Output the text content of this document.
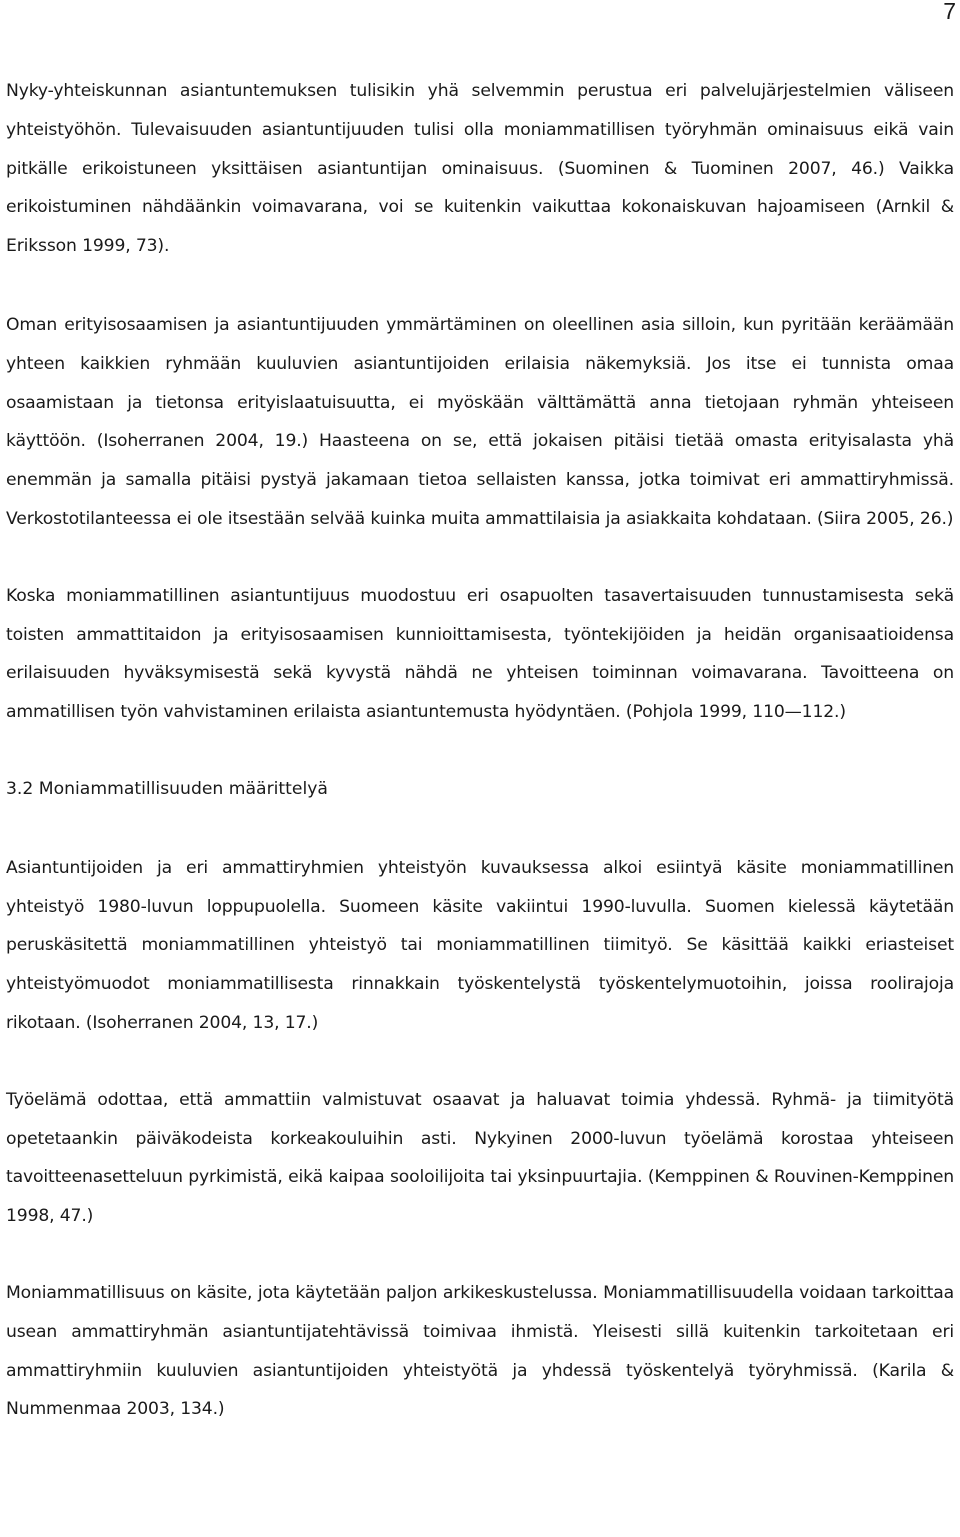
7

Nyky-yhteiskunnan asiantuntemuksen tulisikin yhä selvemmin perustua eri palvelujärjestelmien väliseen yhteistyöhön. Tulevaisuuden asiantuntijuuden tulisi olla moniammatillisen työryhmän ominaisuus eikä vain pitkälle erikoistuneen yksittäisen asiantuntijan ominaisuus. (Suominen & Tuominen 2007, 46.) Vaikka erikoistuminen nähdäänkin voimavarana, voi se kuitenkin vaikuttaa kokonaiskuvan hajoamiseen (Arnkil & Eriksson 1999, 73).

Oman erityisosaamisen ja asiantuntijuuden ymmärtäminen on oleellinen asia silloin, kun pyritään keräämään yhteen kaikkien ryhmään kuuluvien asiantuntijoiden erilaisia näkemyksiä. Jos itse ei tunnista omaa osaamistaan ja tietonsa erityislaatuisuutta, ei myöskään välttämättä anna tietojaan ryhmän yhteiseen käyttöön. (Isoherranen 2004, 19.) Haasteena on se, että jokaisen pitäisi tietää omasta erityisalasta yhä enemmän ja samalla pitäisi pystyä jakamaan tietoa sellaisten kanssa, jotka toimivat eri ammattiryhmissä. Verkostotilanteessa ei ole itsestään selvää kuinka muita ammattilaisia ja asiakkaita kohdataan. (Siira 2005, 26.)

Koska moniammatillinen asiantuntijuus muodostuu eri osapuolten tasavertaisuuden tunnustamisesta sekä toisten ammattitaidon ja erityisosaamisen kunnioittamisesta, työntekijöiden ja heidän organisaatioidensa erilaisuuden hyväksymisestä sekä kyvystä nähdä ne yhteisen toiminnan voimavarana. Tavoitteena on ammatillisen työn vahvistaminen erilaista asiantuntemusta hyödyntäen. (Pohjola 1999, 110—112.)

3.2 Moniammatillisuuden määrittelyä

Asiantuntijoiden ja eri ammattiryhmien yhteistyön kuvauksessa alkoi esiintyä käsite moniammatillinen yhteistyö 1980-luvun loppupuolella. Suomeen käsite vakiintui 1990-luvulla. Suomen kielessä käytetään peruskäsitettä moniammatillinen yhteistyö tai moniammatillinen tiimityö. Se käsittää kaikki eriasteiset yhteistyömuodot moniammatillisesta rinnakkain työskentelystä työskentelymuotoihin, joissa roolirajoja rikotaan. (Isoherranen 2004, 13, 17.)

Työelämä odottaa, että ammattiin valmistuvat osaavat ja haluavat toimia yhdessä. Ryhmä- ja tiimityötä opetetaankin päiväkodeista korkeakouluihin asti. Nykyinen 2000-luvun työelämä korostaa yhteiseen tavoitteenasetteluun pyrkimistä, eikä kaipaa sooloilijoita tai yksinpuurtajia. (Kemppinen & Rouvinen-Kemppinen 1998, 47.)

Moniammatillisuus on käsite, jota käytetään paljon arkikeskustelussa. Moniammatillisuudella voidaan tarkoittaa usean ammattiryhmän asiantuntijatehtävissä toimivaa ihmistä. Yleisesti sillä kuitenkin tarkoitetaan eri ammattiryhmiin kuuluvien asiantuntijoiden yhteistyötä ja yhdessä työskentelyä työryhmissä. (Karila & Nummenmaa 2003, 134.)
